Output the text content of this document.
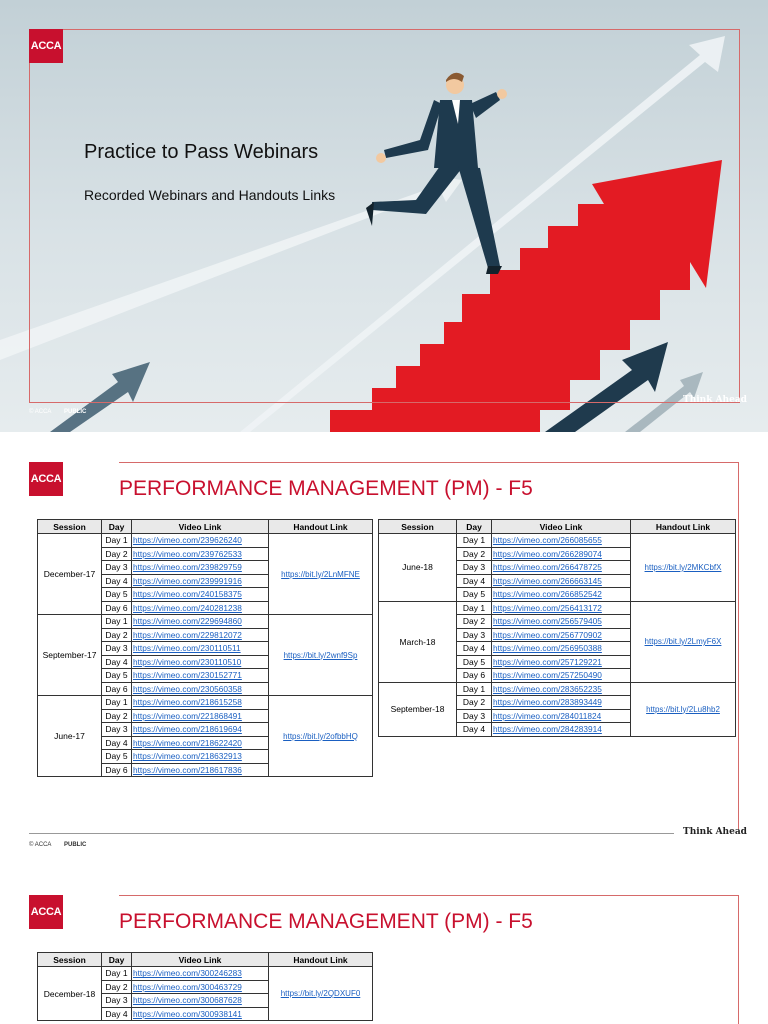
ACCA
Practice to Pass Webinars
Recorded Webinars and Handouts Links
© ACCA PUBLIC
Think Ahead
ACCA	PERFORMANCE MANAGEMENT (PM) - F5
Session	Day	Video Link	Handout Link
December-17	Day 1	https://vimeo.com/239626240	https://bit.ly/2LnMFNE
	Day 2	https://vimeo.com/239762533	
	Day 3	https://vimeo.com/239829759	
	Day 4	https://vimeo.com/239991916	
	Day 5	https://vimeo.com/240158375	
	Day 6	https://vimeo.com/240281238	
September-17	Day 1	https://vimeo.com/229694860	https://bit.ly/2wnf9Sp
	Day 2	https://vimeo.com/229812072	
	Day 3	https://vimeo.com/230110511	
	Day 4	https://vimeo.com/230110510	
	Day 5	https://vimeo.com/230152771	
	Day 6	https://vimeo.com/230560358	
June-17	Day 1	https://vimeo.com/218615258	https://bit.ly/2ofbbHQ
	Day 2	https://vimeo.com/221868491	
	Day 3	https://vimeo.com/218619694	
	Day 4	https://vimeo.com/218622420	
	Day 5	https://vimeo.com/218632913	
	Day 6	https://vimeo.com/218617836	
Session	Day	Video Link	Handout Link
June-18	Day 1	https://vimeo.com/266085655	https://bit.ly/2MKCbfX
	Day 2	https://vimeo.com/266289074	
	Day 3	https://vimeo.com/266478725	
	Day 4	https://vimeo.com/266663145	
	Day 5	https://vimeo.com/266852542	
March-18	Day 1	https://vimeo.com/256413172	https://bit.ly/2LmyF6X
	Day 2	https://vimeo.com/256579405	
	Day 3	https://vimeo.com/256770902	
	Day 4	https://vimeo.com/256950388	
	Day 5	https://vimeo.com/257129221	
	Day 6	https://vimeo.com/257250490	
September-18	Day 1	https://vimeo.com/283652235	https://bit.ly/2Lu8hb2
	Day 2	https://vimeo.com/283893449	
	Day 3	https://vimeo.com/284011824	
	Day 4	https://vimeo.com/284283914	
© ACCA PUBLIC
Think Ahead
ACCA	PERFORMANCE MANAGEMENT (PM) - F5
Session	Day	Video Link	Handout Link
December-18	Day 1	https://vimeo.com/300246283	https://bit.ly/2QDXUF0
	Day 2	https://vimeo.com/300463729	
	Day 3	https://vimeo.com/300687628	
	Day 4	https://vimeo.com/300938141	
